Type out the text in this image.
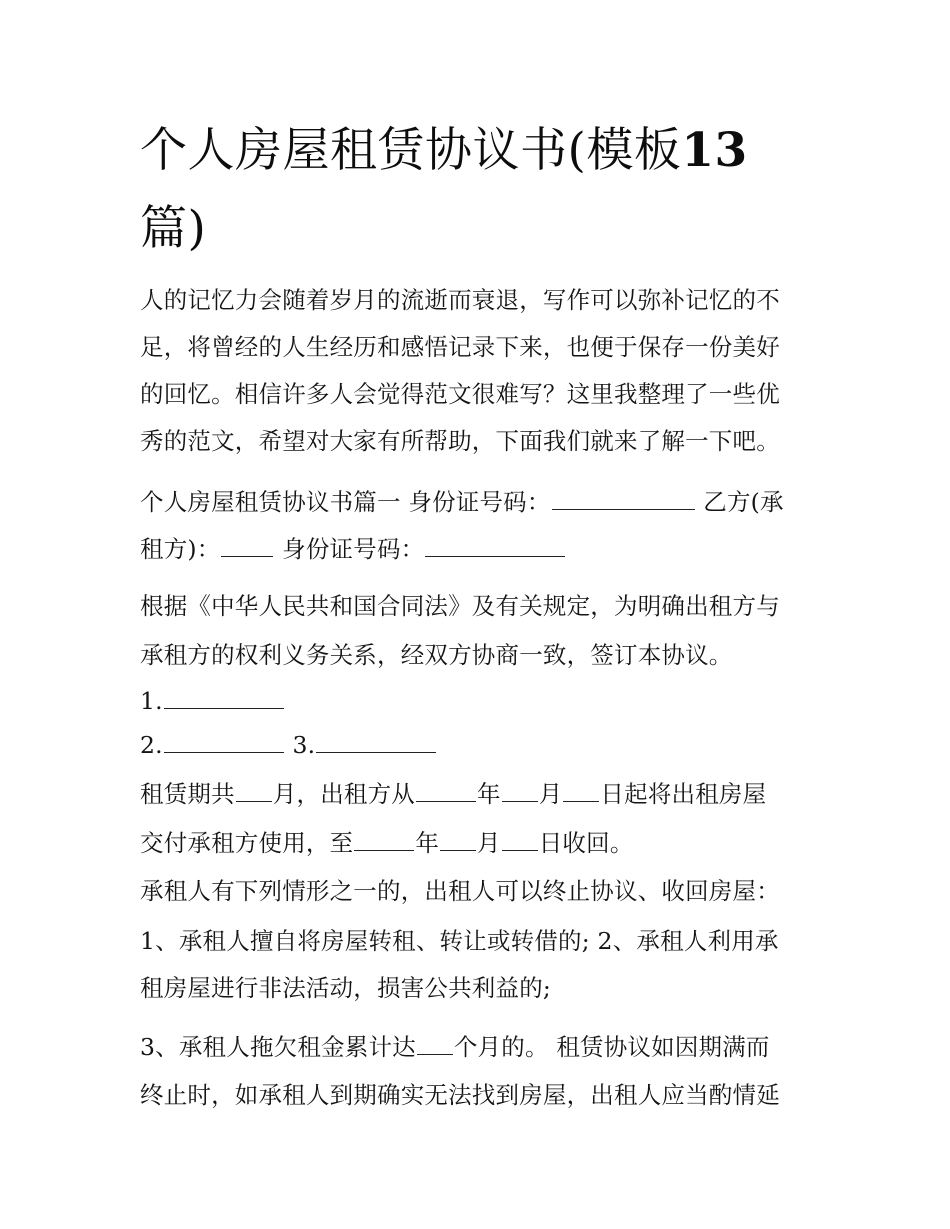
个人房屋租赁协议书(模板13
篇)
人的记忆力会随着岁月的流逝而衰退，写作可以弥补记忆的不
足，将曾经的人生经历和感悟记录下来，也便于保存一份美好
的回忆。相信许多人会觉得范文很难写？这里我整理了一些优
秀的范文，希望对大家有所帮助，下面我们就来了解一下吧。
个人房屋租赁协议书篇一 身份证号码：	乙方(承
租方)：	身份证号码：
根据《中华人民共和国合同法》及有关规定，为明确出租方与
承租方的权利义务关系，经双方协商一致，签订本协议。
1.
2.	3.
租赁期共 月，出租方从	年 月 日起将出租房屋
交付承租方使用，至	年 月 日收回。
承租人有下列情形之一的，出租人可以终止协议、收回房屋：
1、承租人擅自将房屋转租、转让或转借的; 2、承租人利用承
租房屋进行非法活动，损害公共利益的;
3、承租人拖欠租金累计达 个月的。 租赁协议如因期满而
终止时，如承租人到期确实无法找到房屋，出租人应当酌情延
